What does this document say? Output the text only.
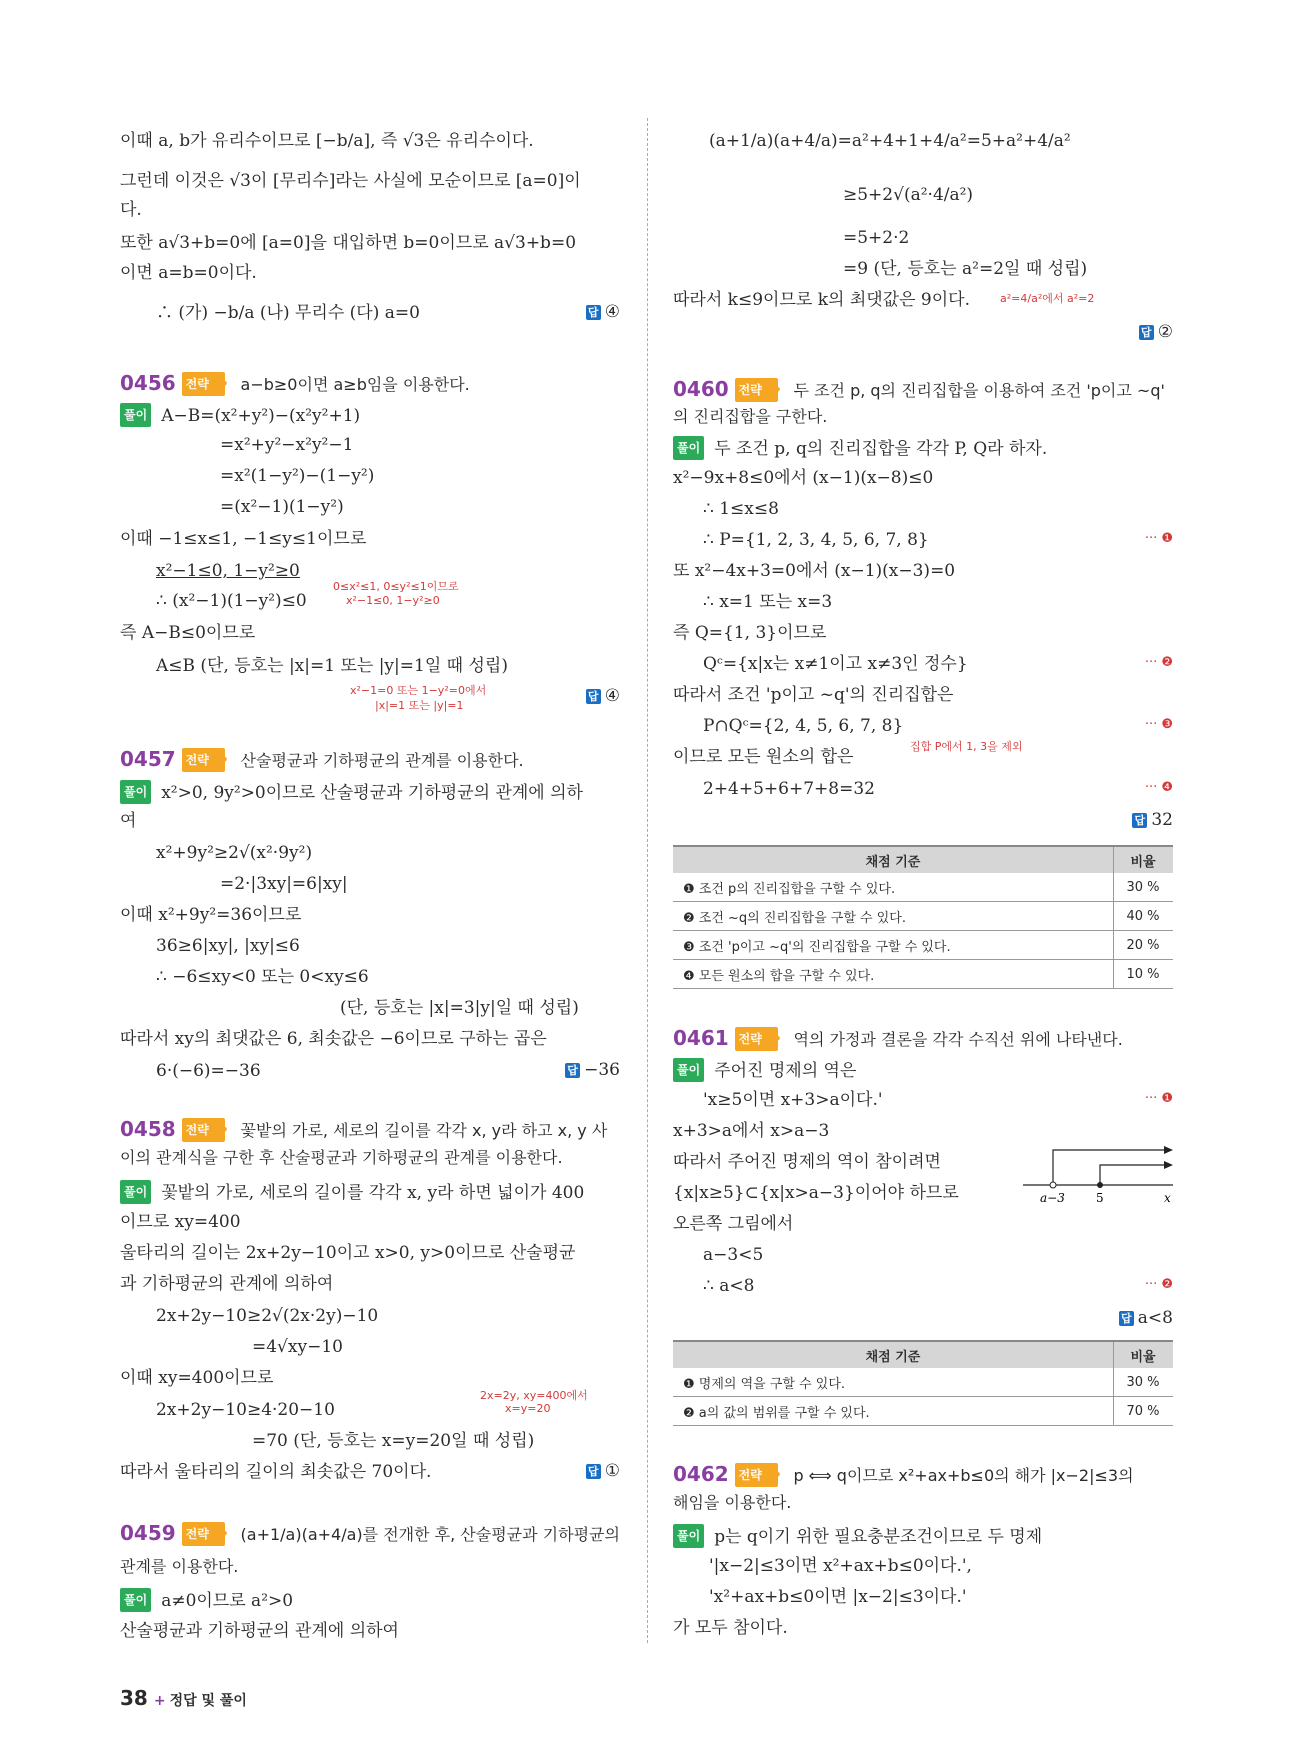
이때 a, b가 유리수이므로 [−b/a], 즉 √3은 유리수이다.
그런데 이것은 √3이 [무리수]라는 사실에 모순이므로 [a=0]이
다.
또한 a√3+b=0에 [a=0]을 대입하면 b=0이므로 a√3+b=0
이면 a=b=0이다.
∴ (가) −b/a (나) 무리수 (다) a=0	답 ④
0456 전략 • a−b≥0이면 a≥b임을 이용한다.
풀이 A−B=(x²+y²)−(x²y²+1)
=x²+y²−x²y²−1
=x²(1−y²)−(1−y²)
=(x²−1)(1−y²)
이때 −1≤x≤1, −1≤y≤1이므로
x²−1≤0, 1−y²≥0
∴ (x²−1)(1−y²)≤0
0≤x²≤1, 0≤y²≤1이므로
x²−1≤0, 1−y²≥0
즉 A−B≤0이므로
A≤B (단, 등호는 |x|=1 또는 |y|=1일 때 성립)
x²−1=0 또는 1−y²=0에서
|x|=1 또는 |y|=1
답 ④
0457 전략 • 산술평균과 기하평균의 관계를 이용한다.
풀이 x²>0, 9y²>0이므로 산술평균과 기하평균의 관계에 의하
여
x²+9y²≥2√(x²·9y²)
=2·|3xy|=6|xy|
이때 x²+9y²=36이므로
36≥6|xy|, |xy|≤6
∴ −6≤xy<0 또는 0<xy≤6
(단, 등호는 |x|=3|y|일 때 성립)
따라서 xy의 최댓값은 6, 최솟값은 −6이므로 구하는 곱은
6·(−6)=−36	답 −36
0458 전략 • 꽃밭의 가로, 세로의 길이를 각각 x, y라 하고 x, y 사
이의 관계식을 구한 후 산술평균과 기하평균의 관계를 이용한다.
풀이 꽃밭의 가로, 세로의 길이를 각각 x, y라 하면 넓이가 400
이므로 xy=400
울타리의 길이는 2x+2y−10이고 x>0, y>0이므로 산술평균
과 기하평균의 관계에 의하여
2x+2y−10≥2√(2x·2y)−10
=4√xy−10
이때 xy=400이므로
2x+2y−10≥4·20−10
2x=2y, xy=400에서
x=y=20
=70 (단, 등호는 x=y=20일 때 성립)
따라서 울타리의 길이의 최솟값은 70이다.	답 ①
0459 전략 • (a+1/a)(a+4/a)를 전개한 후, 산술평균과 기하평균의
관계를 이용한다.
풀이 a≠0이므로 a²>0
산술평균과 기하평균의 관계에 의하여
(a+1/a)(a+4/a)=a²+4+1+4/a²=5+a²+4/a²
≥5+2√(a²·4/a²)
=5+2·2
=9 (단, 등호는 a²=2일 때 성립)
따라서 k≤9이므로 k의 최댓값은 9이다.	a²=4/a²에서 a²=2
답 ②
0460 전략 • 두 조건 p, q의 진리집합을 이용하여 조건 'p이고 ~q'
의 진리집합을 구한다.
풀이 두 조건 p, q의 진리집합을 각각 P, Q라 하자.
x²−9x+8≤0에서 (x−1)(x−8)≤0
∴ 1≤x≤8
∴ P={1, 2, 3, 4, 5, 6, 7, 8}	··· ❶
또 x²−4x+3=0에서 (x−1)(x−3)=0
∴ x=1 또는 x=3
즉 Q={1, 3}이므로
Qᶜ={x|x는 x≠1이고 x≠3인 정수}	··· ❷
따라서 조건 'p이고 ~q'의 진리집합은
P∩Qᶜ={2, 4, 5, 6, 7, 8}	··· ❸
집합 P에서 1, 3을 제외
이므로 모든 원소의 합은
2+4+5+6+7+8=32	··· ❹
답 32
채점 기준	비율
❶ 조건 p의 진리집합을 구할 수 있다.	30 %
❷ 조건 ~q의 진리집합을 구할 수 있다.	40 %
❸ 조건 'p이고 ~q'의 진리집합을 구할 수 있다.	20 %
❹ 모든 원소의 합을 구할 수 있다.	10 %
0461 전략 • 역의 가정과 결론을 각각 수직선 위에 나타낸다.
풀이 주어진 명제의 역은
'x≥5이면 x+3>a이다.'	··· ❶
x+3>a에서 x>a−3
따라서 주어진 명제의 역이 참이려면
{x|x≥5}⊂{x|x>a−3}이어야 하므로
오른쪽 그림에서
a−3<5
∴ a<8	··· ❷
a−3	5	x
답 a<8
채점 기준	비율
❶ 명제의 역을 구할 수 있다.	30 %
❷ a의 값의 범위를 구할 수 있다.	70 %
0462 전략 • p ⟺ q이므로 x²+ax+b≤0의 해가 |x−2|≤3의
해임을 이용한다.
풀이 p는 q이기 위한 필요충분조건이므로 두 명제
'|x−2|≤3이면 x²+ax+b≤0이다.',
'x²+ax+b≤0이면 |x−2|≤3이다.'
가 모두 참이다.
38 + 정답 및 풀이
